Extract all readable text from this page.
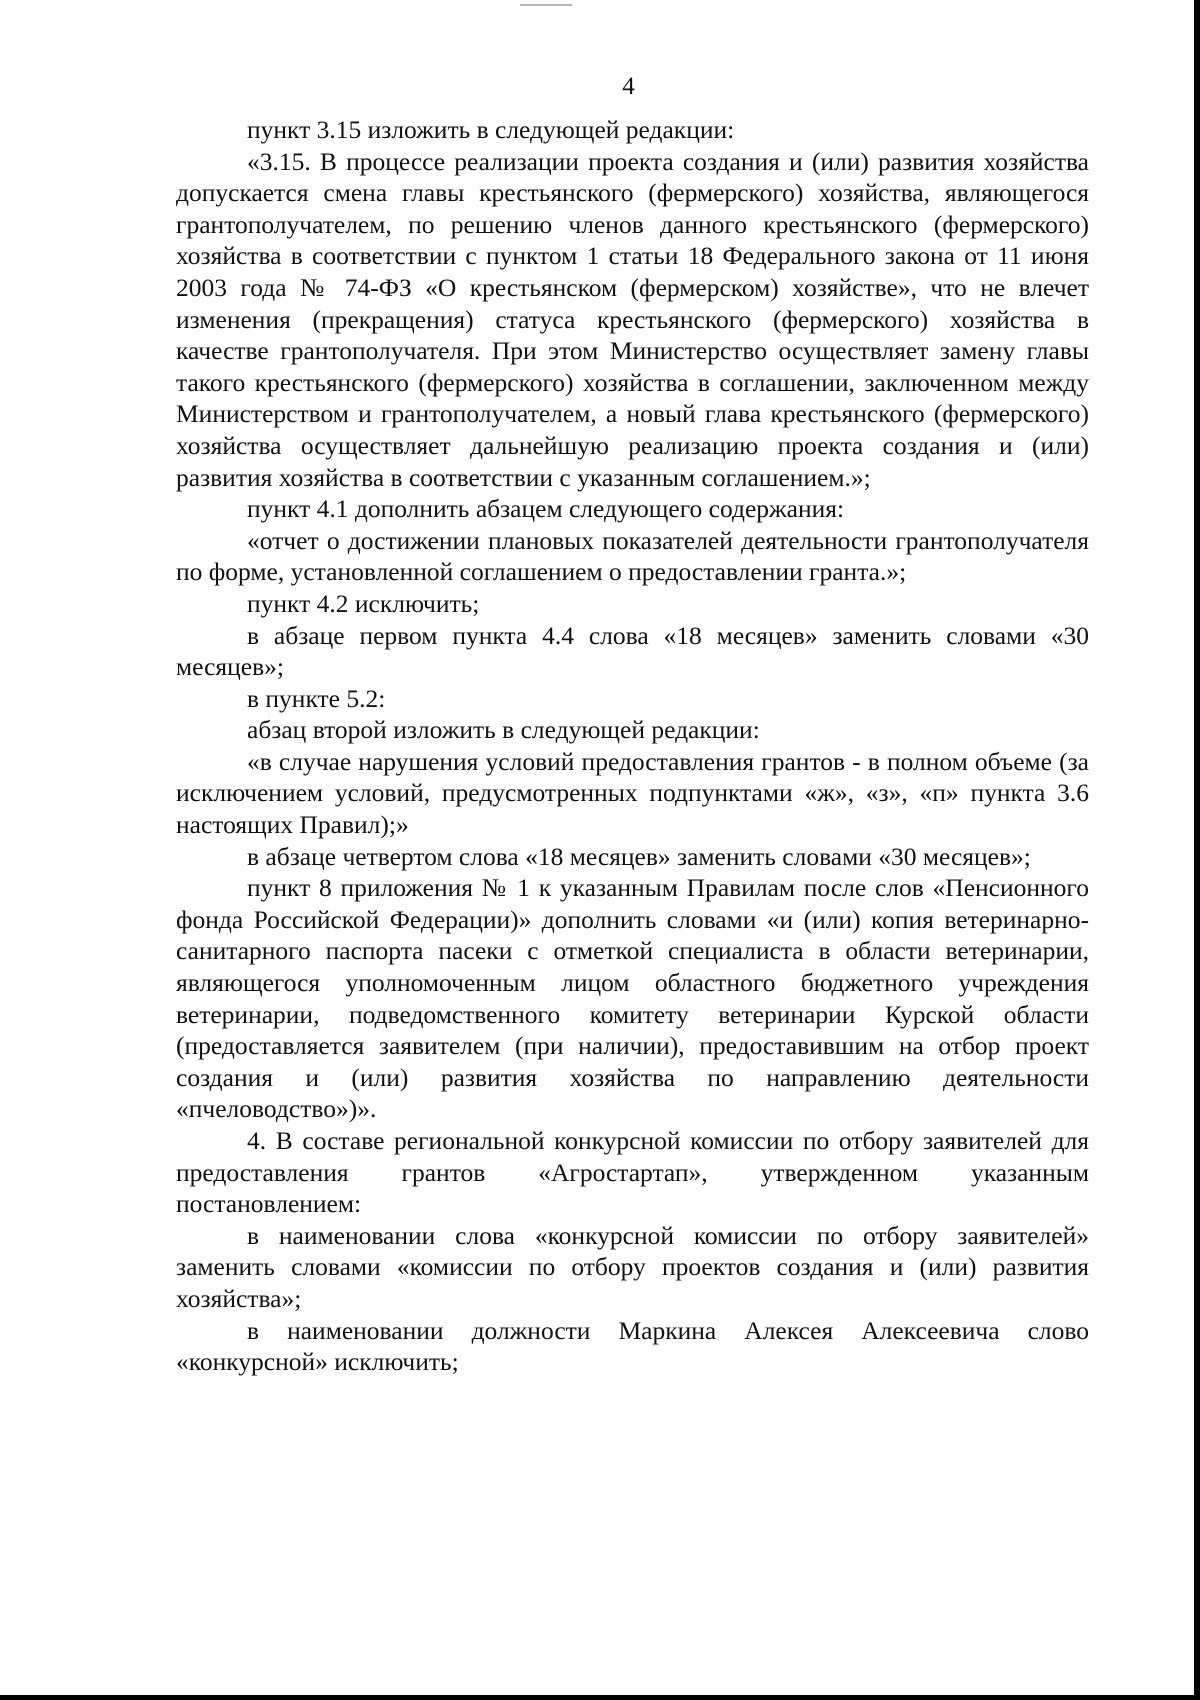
4

пункт 3.15 изложить в следующей редакции:

«3.15. В процессе реализации проекта создания и (или) развития хозяйства допускается смена главы крестьянского (фермерского) хозяйства, являющегося грантополучателем, по решению членов данного крестьянского (фермерского) хозяйства в соответствии с пунктом 1 статьи 18 Федерального закона от 11 июня 2003 года № 74-ФЗ «О крестьянском (фермерском) хозяйстве», что не влечет изменения (прекращения) статуса крестьянского (фермерского) хозяйства в качестве грантополучателя. При этом Министерство осуществляет замену главы такого крестьянского (фермерского) хозяйства в соглашении, заключенном между Министерством и грантополучателем, а новый глава крестьянского (фермерского) хозяйства осуществляет дальнейшую реализацию проекта создания и (или) развития хозяйства в соответствии с указанным соглашением.»;

пункт 4.1 дополнить абзацем следующего содержания:

«отчет о достижении плановых показателей деятельности грантополучателя по форме, установленной соглашением о предоставлении гранта.»;

пункт 4.2 исключить;

в абзаце первом пункта 4.4 слова «18 месяцев» заменить словами «30 месяцев»;

в пункте 5.2:

абзац второй изложить в следующей редакции:

«в случае нарушения условий предоставления грантов - в полном объеме (за исключением условий, предусмотренных подпунктами «ж», «з», «п» пункта 3.6 настоящих Правил);»

в абзаце четвертом слова «18 месяцев» заменить словами «30 месяцев»;

пункт 8 приложения № 1 к указанным Правилам после слов «Пенсионного фонда Российской Федерации)» дополнить словами «и (или) копия ветеринарно-санитарного паспорта пасеки с отметкой специалиста в области ветеринарии, являющегося уполномоченным лицом областного бюджетного учреждения ветеринарии, подведомственного комитету ветеринарии Курской области (предоставляется заявителем (при наличии), предоставившим на отбор проект создания и (или) развития хозяйства по направлению деятельности «пчеловодство»)».

4. В составе региональной конкурсной комиссии по отбору заявителей для предоставления грантов «Агростартап», утвержденном указанным постановлением:

в наименовании слова «конкурсной комиссии по отбору заявителей» заменить словами «комиссии по отбору проектов создания и (или) развития хозяйства»;

в наименовании должности Маркина Алексея Алексеевича слово «конкурсной» исключить;
